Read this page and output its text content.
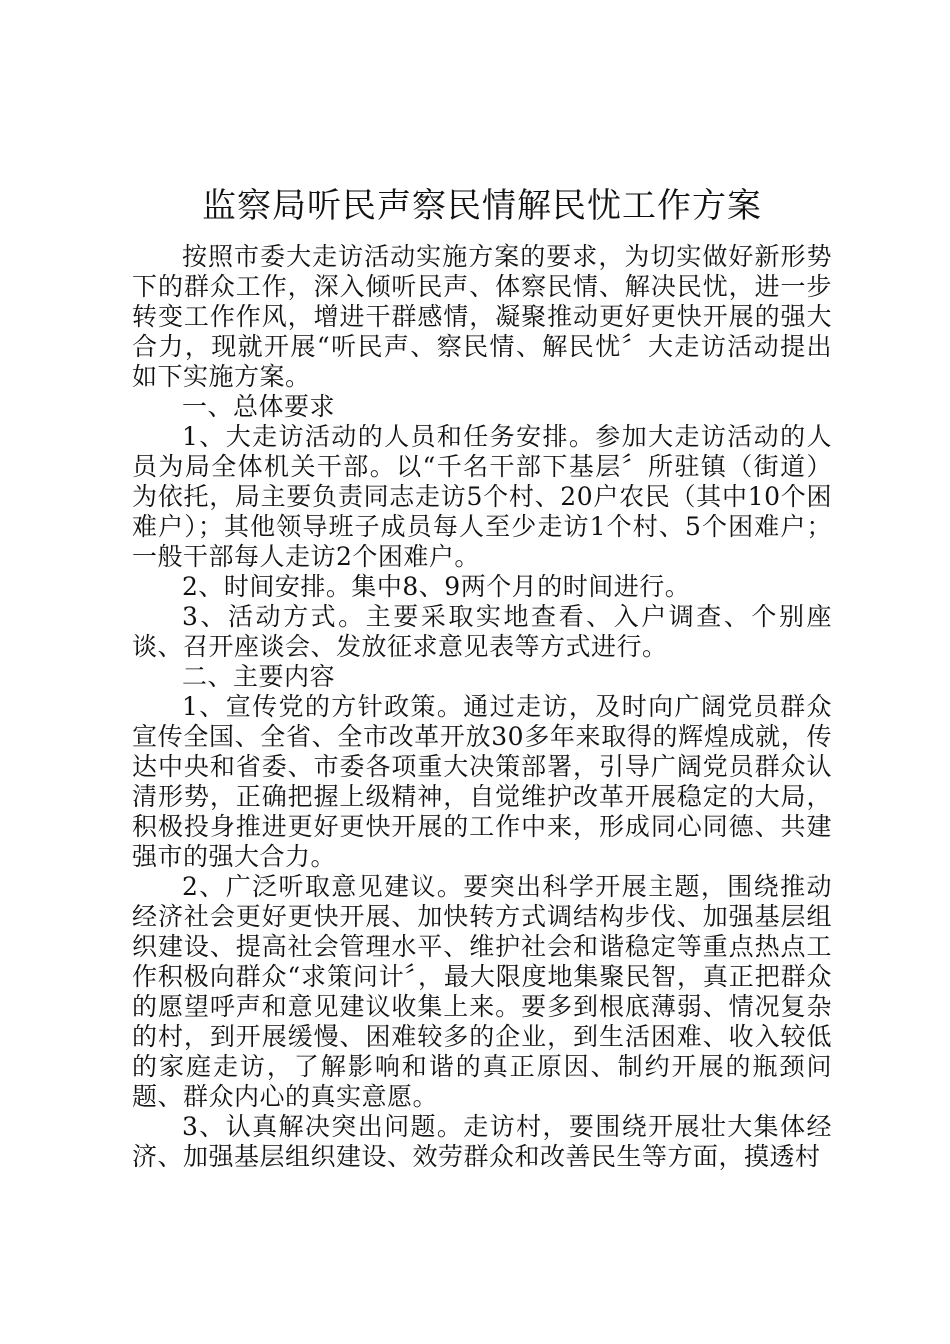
监察局听民声察民情解民忧工作方案

按照市委大走访活动实施方案的要求，为切实做好新形势下的群众工作，深入倾听民声、体察民情、解决民忧，进一步转变工作作风，增进干群感情，凝聚推动更好更快开展的强大合力，现就开展“听民声、察民情、解民忧〞大走访活动提出如下实施方案。

一、总体要求

1、大走访活动的人员和任务安排。参加大走访活动的人员为局全体机关干部。以“千名干部下基层〞所驻镇（街道）为依托，局主要负责同志走访5个村、20户农民（其中10个困难户）；其他领导班子成员每人至少走访1个村、5个困难户；一般干部每人走访2个困难户。

2、时间安排。集中8、9两个月的时间进行。

3、活动方式。主要采取实地查看、入户调查、个别座谈、召开座谈会、发放征求意见表等方式进行。

二、主要内容

1、宣传党的方针政策。通过走访，及时向广阔党员群众宣传全国、全省、全市改革开放30多年来取得的辉煌成就，传达中央和省委、市委各项重大决策部署，引导广阔党员群众认清形势，正确把握上级精神，自觉维护改革开展稳定的大局，积极投身推进更好更快开展的工作中来，形成同心同德、共建强市的强大合力。

2、广泛听取意见建议。要突出科学开展主题，围绕推动经济社会更好更快开展、加快转方式调结构步伐、加强基层组织建设、提高社会管理水平、维护社会和谐稳定等重点热点工作积极向群众“求策问计〞，最大限度地集聚民智，真正把群众的愿望呼声和意见建议收集上来。要多到根底薄弱、情况复杂的村，到开展缓慢、困难较多的企业，到生活困难、收入较低的家庭走访，了解影响和谐的真正原因、制约开展的瓶颈问题、群众内心的真实意愿。

3、认真解决突出问题。走访村，要围绕开展壮大集体经济、加强基层组织建设、效劳群众和改善民生等方面，摸透村
